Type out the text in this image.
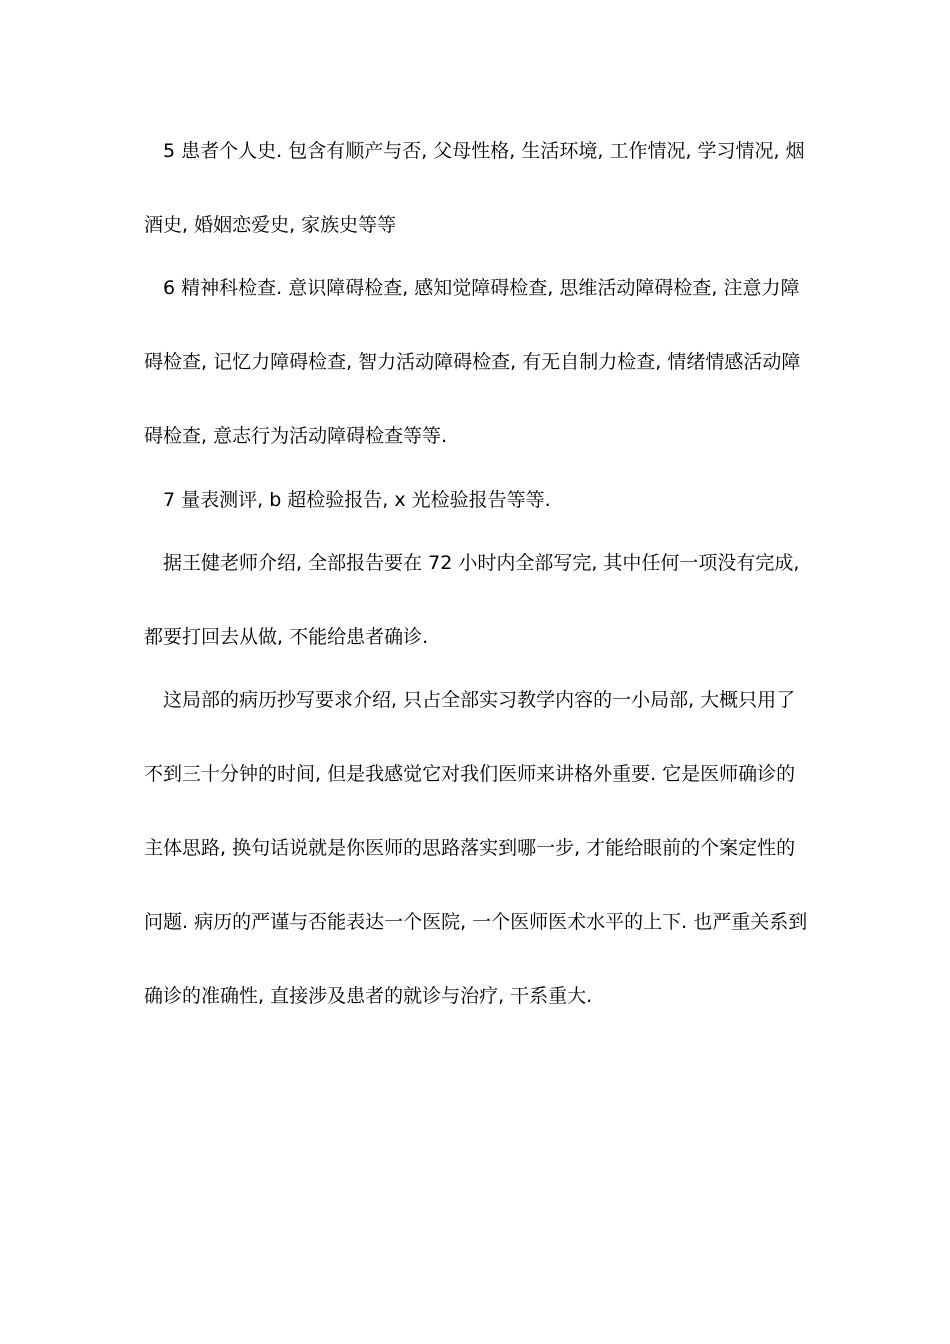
5 患者个人史. 包含有顺产与否, 父母性格, 生活环境, 工作情况, 学习情况, 烟
酒史, 婚姻恋爱史, 家族史等等
6 精神科检查. 意识障碍检查, 感知觉障碍检查, 思维活动障碍检查, 注意力障
碍检查, 记忆力障碍检查, 智力活动障碍检查, 有无自制力检查, 情绪情感活动障
碍检查, 意志行为活动障碍检查等等.
7 量表测评, b 超检验报告, x 光检验报告等等.
据王健老师介绍, 全部报告要在 72 小时内全部写完, 其中任何一项没有完成,
都要打回去从做, 不能给患者确诊.
这局部的病历抄写要求介绍, 只占全部实习教学内容的一小局部, 大概只用了
不到三十分钟的时间, 但是我感觉它对我们医师来讲格外重要. 它是医师确诊的
主体思路, 换句话说就是你医师的思路落实到哪一步, 才能给眼前的个案定性的
问题. 病历的严谨与否能表达一个医院, 一个医师医术水平的上下. 也严重关系到
确诊的准确性, 直接涉及患者的就诊与治疗, 干系重大.
